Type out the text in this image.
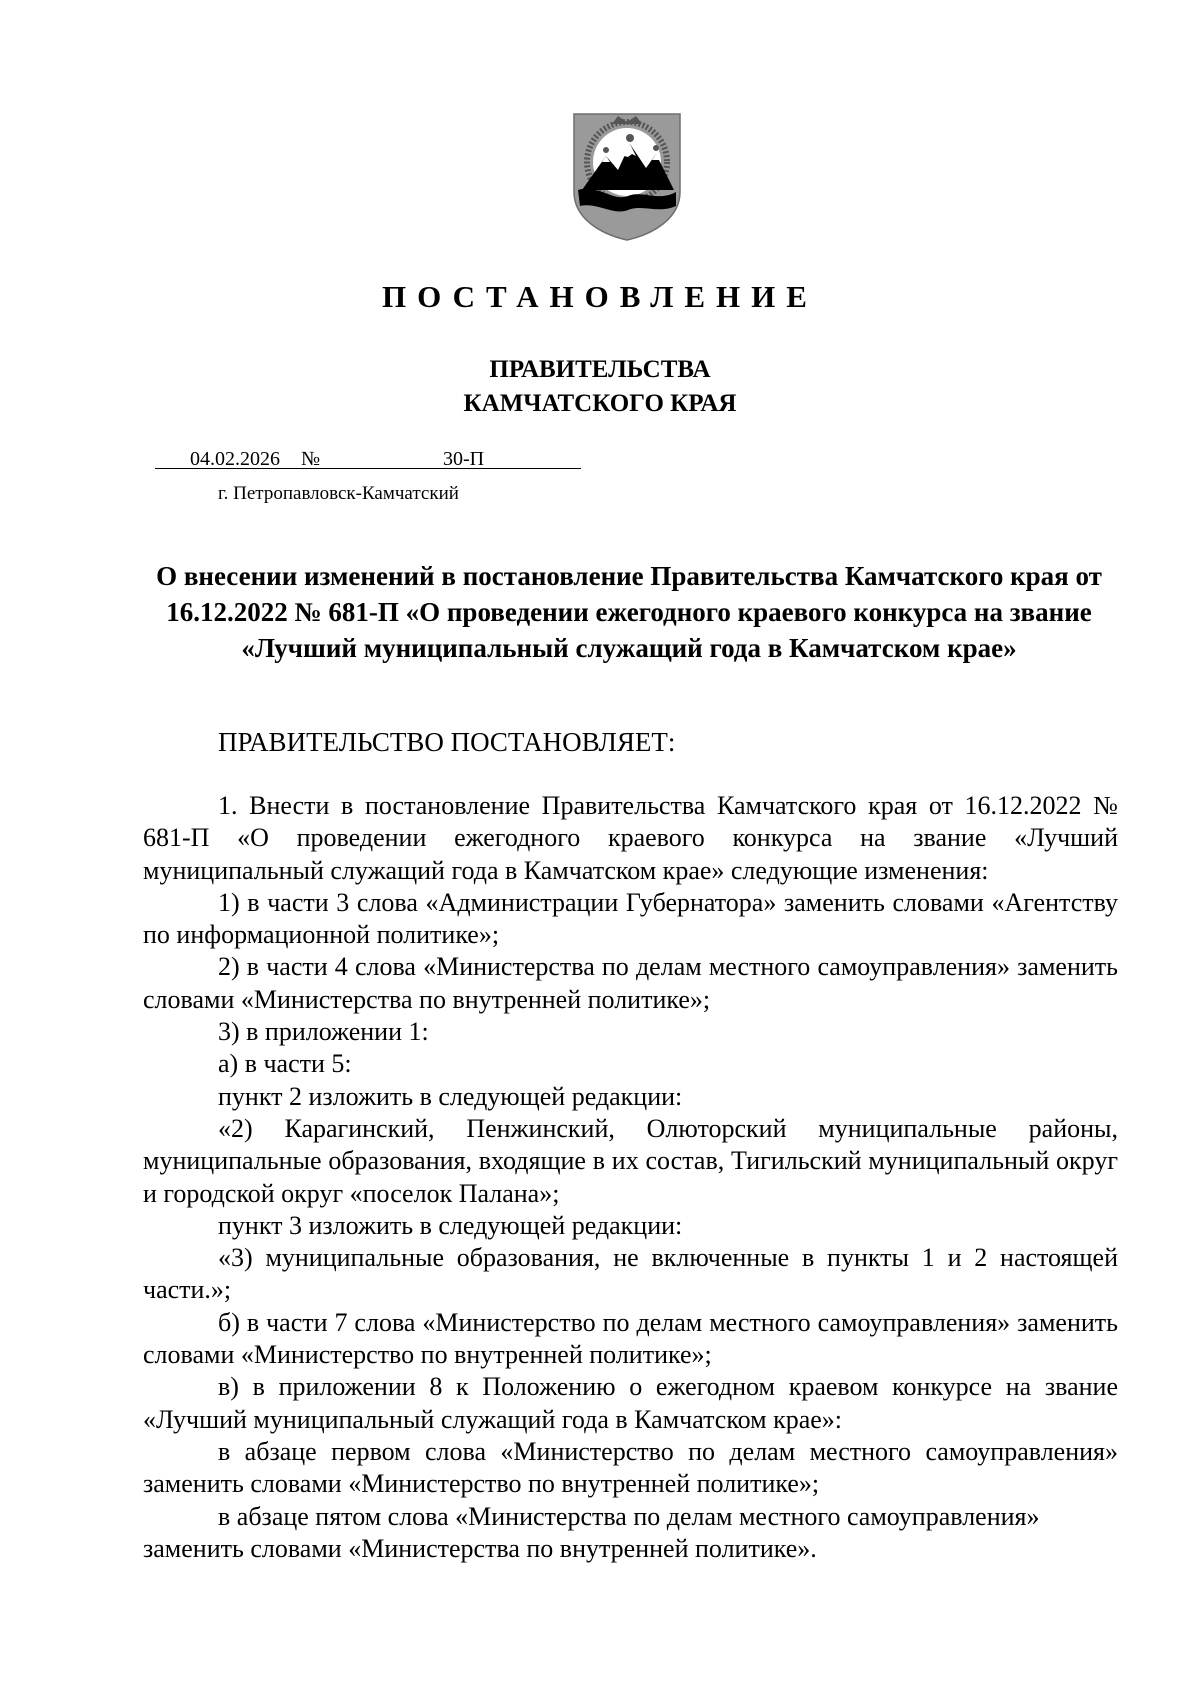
ПОСТАНОВЛЕНИЕ
ПРАВИТЕЛЬСТВА
КАМЧАТСКОГО КРАЯ
04.02.2026 №	30-П
г. Петропавловск-Камчатский
О внесении изменений в постановление Правительства Камчатского края от 16.12.2022 № 681-П «О проведении ежегодного краевого конкурса на звание «Лучший муниципальный служащий года в Камчатском крае»
ПРАВИТЕЛЬСТВО ПОСТАНОВЛЯЕТ:

1. Внести в постановление Правительства Камчатского края от 16.12.2022 № 681-П «О проведении ежегодного краевого конкурса на звание «Лучший муниципальный служащий года в Камчатском крае» следующие изменения:

1) в части 3 слова «Администрации Губернатора» заменить словами «Агентству по информационной политике»;

2) в части 4 слова «Министерства по делам местного самоуправления» заменить словами «Министерства по внутренней политике»;

3) в приложении 1:

а) в части 5:

пункт 2 изложить в следующей редакции:

«2) Карагинский, Пенжинский, Олюторский муниципальные районы, муниципальные образования, входящие в их состав, Тигильский муниципальный округ и городской округ «поселок Палана»;

пункт 3 изложить в следующей редакции:

«3) муниципальные образования, не включенные в пункты 1 и 2 настоящей части.»;

б) в части 7 слова «Министерство по делам местного самоуправления» заменить словами «Министерство по внутренней политике»;

в) в приложении 8 к Положению о ежегодном краевом конкурсе на звание «Лучший муниципальный служащий года в Камчатском крае»:

в абзаце первом слова «Министерство по делам местного самоуправления» заменить словами «Министерство по внутренней политике»;

в абзаце пятом слова «Министерства по делам местного самоуправления» заменить словами «Министерства по внутренней политике».
